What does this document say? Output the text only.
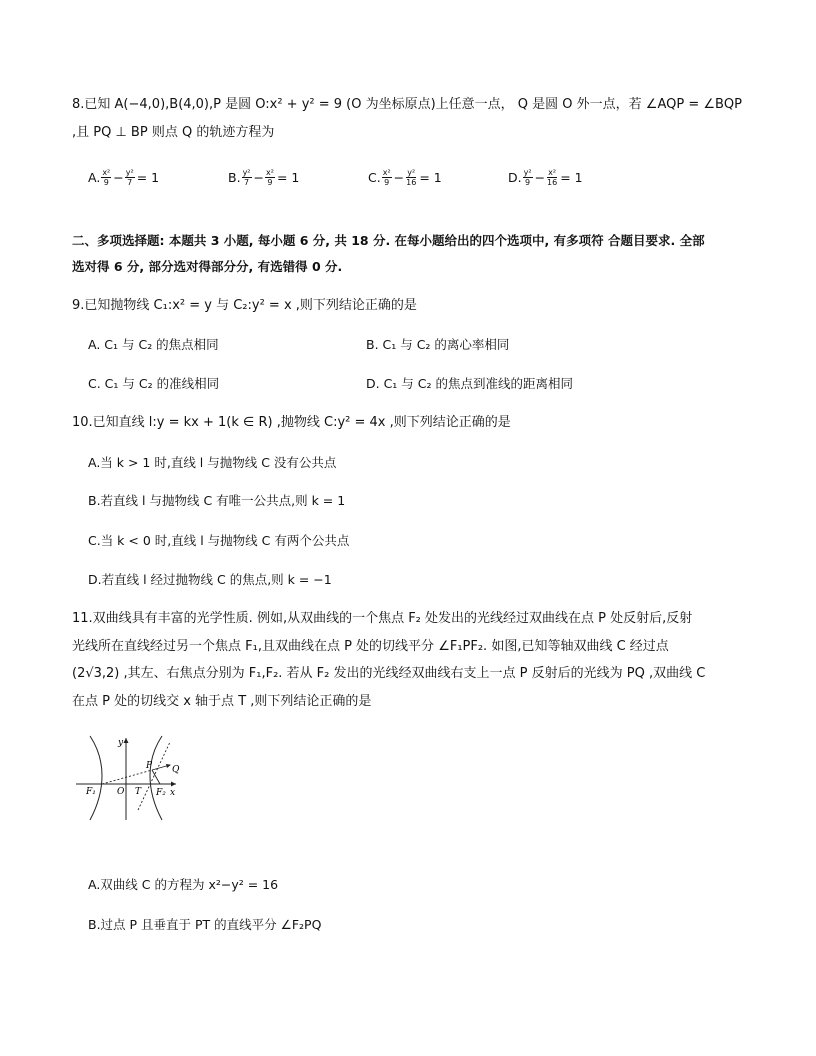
8.已知 A(−4,0),B(4,0),P 是圆 O:x² + y² = 9 (O 为坐标原点)上任意一点， Q 是圆 O 外一点，若 ∠AQP = ∠BQP
,且 PQ ⊥ BP 则点 Q 的轨迹方程为
A. $\frac{\text{x²}}{9} - \frac{\text{y²}}{7} = 1$	B. $\frac{\text{y²}}{7} - \frac{\text{x²}}{9} = 1$	C. $\frac{\text{x²}}{9} - \frac{\text{y²}}{16} = 1$	D. $\frac{\text{y²}}{9} - \frac{\text{x²}}{16} = 1$
二、多项选择题: 本题共 3 小题, 每小题 6 分, 共 18 分. 在每小题给出的四个选项中, 有多项符 合题目要求. 全部
选对得 6 分, 部分选对得部分分, 有选错得 0 分.
9.已知抛物线 C₁:x² = y 与 C₂:y² = x ,则下列结论正确的是
A. C₁ 与 C₂ 的焦点相同	B. C₁ 与 C₂ 的离心率相同
C. C₁ 与 C₂ 的准线相同	D. C₁ 与 C₂ 的焦点到准线的距离相同
10.已知直线 l:y = kx + 1(k ∈ R) ,抛物线 C:y² = 4x ,则下列结论正确的是
A.当 k > 1 时,直线 l 与抛物线 C 没有公共点
B.若直线 l 与抛物线 C 有唯一公共点,则 k = 1
C.当 k < 0 时,直线 l 与抛物线 C 有两个公共点
D.若直线 l 经过抛物线 C 的焦点,则 k = −1
11.双曲线具有丰富的光学性质. 例如,从双曲线的一个焦点 F₂ 处发出的光线经过双曲线在点 P 处反射后,反射
光线所在直线经过另一个焦点 F₁,且双曲线在点 P 处的切线平分 ∠F₁PF₂. 如图,已知等轴双曲线 C 经过点
(2√3,2) ,其左、右焦点分别为 F₁,F₂. 若从 F₂ 发出的光线经双曲线右支上一点 P 反射后的光线为 PQ ,双曲线 C
在点 P 处的切线交 x 轴于点 T ,则下列结论正确的是
y
x
O T
F₁	F₂
P Q
A.双曲线 C 的方程为 x²−y² = 16
B.过点 P 且垂直于 PT 的直线平分 ∠F₂PQ
